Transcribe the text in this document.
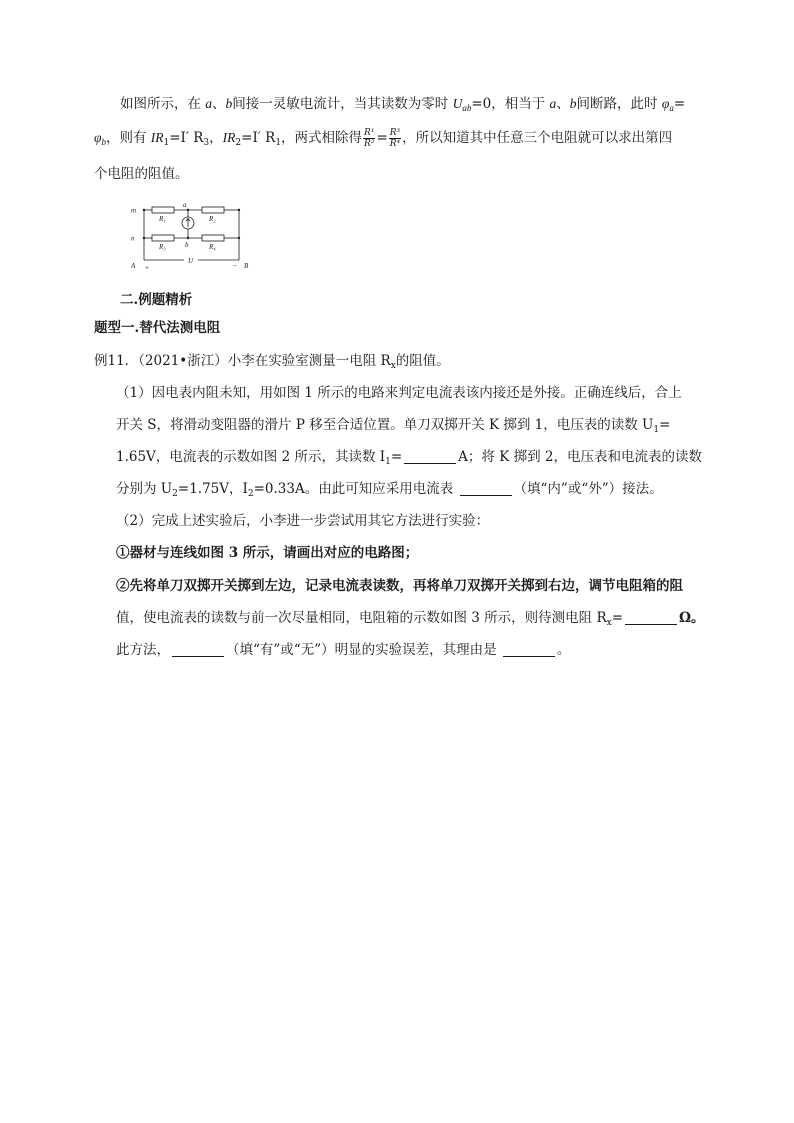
如图所示，在 a、b间接一灵敏电流计，当其读数为零时 $U_{ab}=0$，相当于 a、b间断路，此时 $\varphi_a=$
$\varphi_b$，则有 $IR_1=I'$ $R_3$，$IR_2=I'$ $R_1$，两式相除得 $\frac{\text{R¹}}{\text{R²}} = \frac{\text{R³}}{\text{R⁴}}$ ，所以知道其中任意三个电阻就可以求出第四
个电阻的阻值。
m
n
a
b
R₁	R₂
R₃	R₄
U
A	B
+	−
二.例题精析
题型一.替代法测电阻
例11．（2021•浙江）小李在实验室测量一电阻 $R_x$的阻值。
（1）因电表内阻未知，用如图 1 所示的电路来判定电流表该内接还是外接。正确连线后，合上
开关 S，将滑动变阻器的滑片 P 移至合适位置。单刀双掷开关 K 掷到 1，电压表的读数 $U_1=$
1.65V，电流表的示数如图 2 所示，其读数 $I_1=$	A；将 K 掷到 2，电压表和电流表的读数
分别为 $U_2=1.75V$，$I_2=0.33A$。由此可知应采用电流表	（填“内”或“外”）接法。
（2）完成上述实验后，小李进一步尝试用其它方法进行实验：
①器材与连线如图 3 所示，请画出对应的电路图；
②先将单刀双掷开关掷到左边，记录电流表读数，再将单刀双掷开关掷到右边，调节电阻箱的阻
值，使电流表的读数与前一次尽量相同，电阻箱的示数如图 3 所示，则待测电阻 $R_x=$	Ω。
此方法，	（填“有”或“无”）明显的实验误差，其理由是	。
